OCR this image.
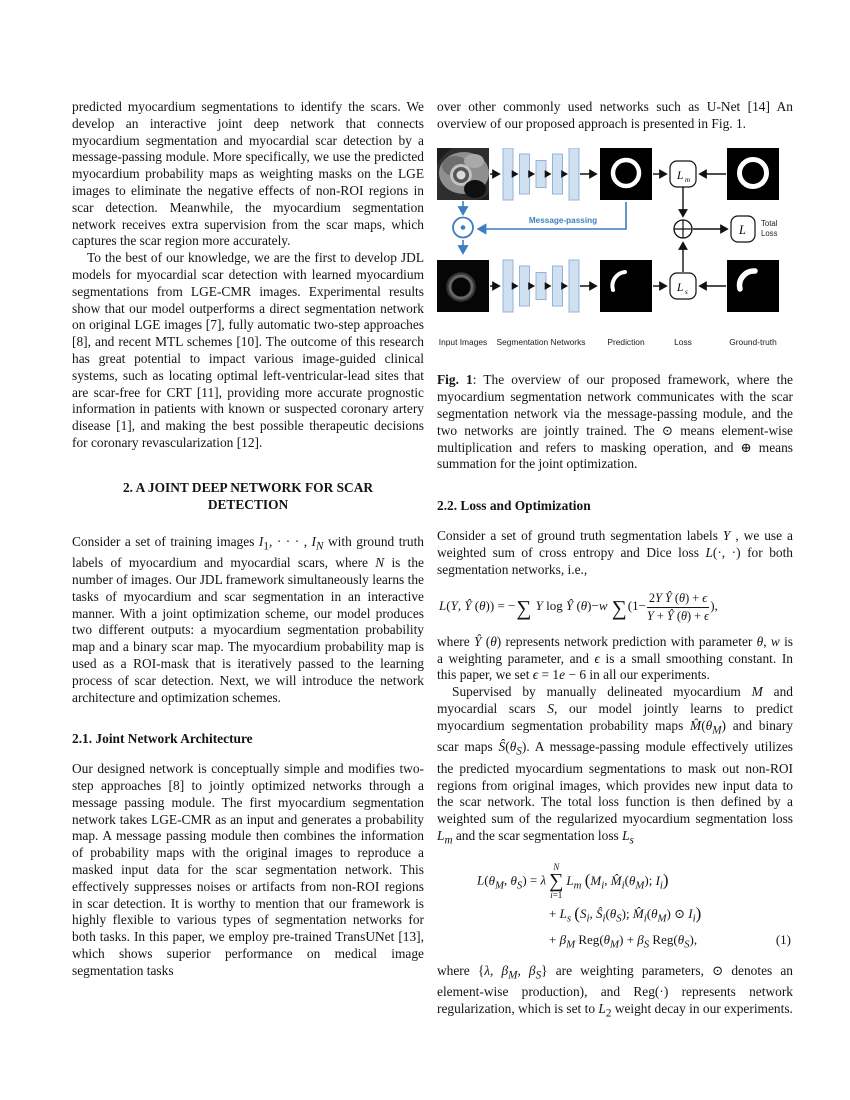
predicted myocardium segmentations to identify the scars. We develop an interactive joint deep network that connects myocardium segmentation and myocardial scar detection by a message-passing module. More specifically, we use the predicted myocardium probability maps as weighting masks on the LGE images to eliminate the negative effects of non-ROI regions in scar detection. Meanwhile, the myocardium segmentation network receives extra supervision from the scar maps, which captures the scar region more accurately.

To the best of our knowledge, we are the first to develop JDL models for myocardial scar detection with learned myocardium segmentations from LGE-CMR images. Experimental results show that our model outperforms a direct segmentation network on original LGE images [7], fully automatic two-step approaches [8], and recent MTL schemes [10]. The outcome of this research has great potential to impact various image-guided clinical systems, such as locating optimal left-ventricular-lead sites that are scar-free for CRT [11], providing more accurate prognostic information in patients with known or suspected coronary artery disease [1], and making the best possible therapeutic decisions for coronary revascularization [12].

2. A JOINT DEEP NETWORK FOR SCAR DETECTION

Consider a set of training images $I_1$, · · · , $I_N$ with ground truth labels of myocardium and myocardial scars, where N is the number of images. Our JDL framework simultaneously learns the tasks of myocardium and scar segmentation in an interactive manner. With a joint optimization scheme, our model produces two different outputs: a myocardium segmentation probability map and a binary scar map. The myocardium probability map is used as a ROI-mask that is iteratively passed to the learning process of scar detection. Next, we will introduce the network architecture and optimization schemes.

2.1. Joint Network Architecture

Our designed network is conceptually simple and modifies two-step approaches [8] to jointly optimized networks through a message passing module. The first myocardium segmentation network takes LGE-CMR as an input and generates a probability map. A message passing module then combines the information of probability maps with the original images to reproduce a masked input data for the scar segmentation network. This effectively suppresses noises or artifacts from non-ROI regions in scar detection. It is worthy to mention that our framework is highly flexible to various types of segmentation networks for both tasks. In this paper, we employ pre-trained TransUNet [13], which shows superior performance on medical image segmentation tasks

over other commonly used networks such as U-Net [14] An overview of our proposed approach is presented in Fig. 1.

L m
L Total
Loss
Message-passing
L s
Input Images Segmentation Networks	Prediction	Loss	Ground-truth

Fig. 1: The overview of our proposed framework, where the myocardium segmentation network communicates with the scar segmentation network via the message-passing module, and the two networks are jointly trained. The ⊙ means element-wise multiplication and refers to masking operation, and ⊕ means summation for the joint optimization.

2.2. Loss and Optimization

Consider a set of ground truth segmentation labels Y , we use a weighted sum of cross entropy and Dice loss L(·, ·) for both segmentation networks, i.e.,

L(Y, Ŷ (θ)) = −∑ Y log Ŷ (θ)−w $\sum(1- \frac{\text{2Y Ŷ (θ) + ϵ}}{Y + Ŷ (\theta) + \epsilon}$ ),

where Ŷ (θ) represents network prediction with parameter θ, w is a weighting parameter, and ϵ is a small smoothing constant. In this paper, we set ϵ = 1e − 6 in all our experiments.

Supervised by manually delineated myocardium M and myocardial scars S, our model jointly learns to predict myocardium segmentation probability maps $M̂(\theta_M)$ and binary scar maps $Ŝ(\theta_S)$. A message-passing module effectively utilizes the predicted myocardium segmentations to mask out non-ROI regions from original images, which provides new input data to the scar network. The total loss function is then defined by a weighted sum of the regularized myocardium segmentation loss $L_m$ and the scar segmentation loss $L_s$

$L(\theta_M$, $\theta_S) = \lambda$
N
∑
i=1
$L_m$ ($M_i$, $M̂_i(\theta_M)$; $I_i$)
+ $L_s$ ($S_i$, $Ŝ_i(\theta_S)$; $M̂_i(\theta_M)$ ⊙ $I_i$)
+ $\beta_M$ $Reg(\theta_M) + \beta_S$ $Reg(\theta_S)$,	(1)

where {λ, $\beta_M$, $\beta_S$} are weighting parameters, ⊙ denotes an element-wise production), and Reg(·) represents network regularization, which is set to $L_2$ weight decay in our experiments.
